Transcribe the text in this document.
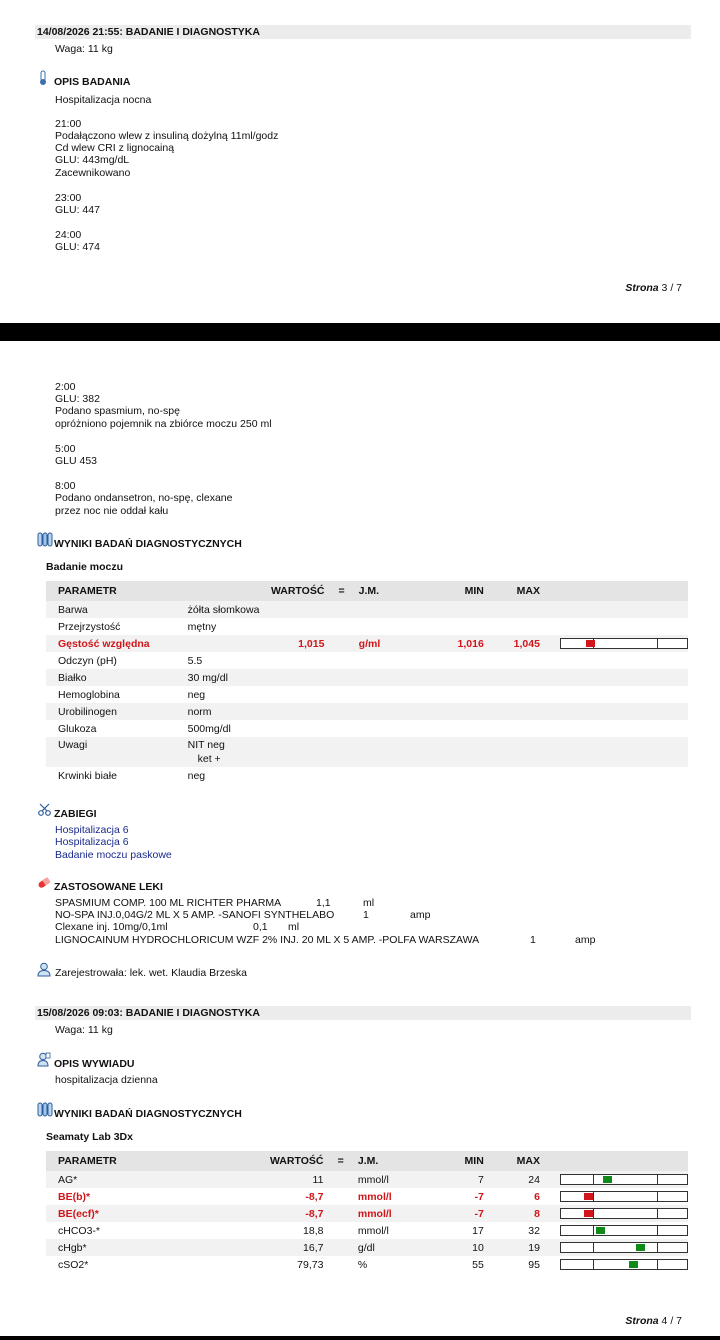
14/08/2026 21:55: BADANIE I DIAGNOSTYKA
Waga: 11 kg
OPIS BADANIA
Hospitalizacja nocna
21:00
Podałączono wlew z insuliną dożylną 11ml/godz
Cd wlew CRI z lignocainą
GLU: 443mg/dL
Zacewnikowano
23:00
GLU: 447
24:00
GLU: 474
Strona 3 / 7
2:00
GLU: 382
Podano spasmium, no-spę
opróżniono pojemnik na zbiórce moczu 250 ml
5:00
GLU 453
8:00
Podano ondansetron, no-spę, clexane
przez noc nie oddał kału
WYNIKI BADAŃ DIAGNOSTYCZNYCH
Badanie moczu
PARAMETR	WARTOŚĆ	=	J.M.	MIN	MAX	
Barwa	żółta słomkowa					
Przejrzystość	mętny					
Gęstość względna	1,015		g/ml	1,016	1,045	

Odczyn (pH)	5.5					
Białko	30 mg/dl					
Hemoglobina	neg					
Urobilinogen	norm					
Glukoza	500mg/dl					
Uwagi	NIT neg
ket +					

Krwinki białe	neg					
ZABIEGI
Hospitalizacja 6
Hospitalizacja 6
Badanie moczu paskowe
ZASTOSOWANE LEKI
SPASMIUM COMP. 100 ML RICHTER PHARMA	1,1	ml
NO-SPA INJ.0,04G/2 ML X 5 AMP. -SANOFI SYNTHELABO	1	amp
Clexane inj. 10mg/0,1ml	0,1 ml
LIGNOCAINUM HYDROCHLORICUM WZF 2% INJ. 20 ML X 5 AMP. -POLFA WARSZAWA	1	amp
Zarejestrowała: lek. wet. Klaudia Brzeska
15/08/2026 09:03: BADANIE I DIAGNOSTYKA
Waga: 11 kg
OPIS WYWIADU
hospitalizacja dzienna
WYNIKI BADAŃ DIAGNOSTYCZNYCH
Seamaty Lab 3Dx
PARAMETR	WARTOŚĆ	=	J.M.	MIN	MAX	
AG*	11		mmol/l	7	24	

BE(b)*	-8,7		mmol/l	-7	6	

BE(ecf)*	-8,7		mmol/l	-7	8	

cHCO3-*	18,8		mmol/l	17	32	

cHgb*	16,7		g/dl	10	19	

cSO2*	79,73		%	55	95	
Strona 4 / 7
